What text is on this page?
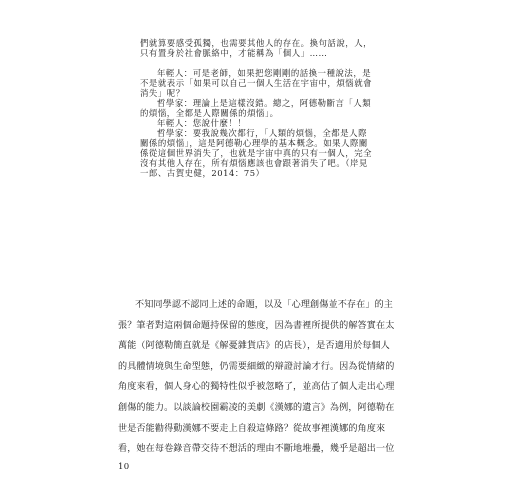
們就算要感受孤獨，也需要其他人的存在。換句話說，人，

只有置身於社會脈絡中，才能稱為「個人」……

年輕人：可是老師，如果把您剛剛的話換一種說法，是

不是就表示「如果可以自己一個人生活在宇宙中，煩惱就會

消失」呢？

哲學家：理論上是這樣沒錯。總之，阿德勒斷言「人類

的煩惱，全都是人際關係的煩惱」。

年輕人：您說什麼！！

哲學家：要我說幾次都行，「人類的煩惱，全都是人際

關係的煩惱」，這是阿德勒心理學的基本概念。如果人際關

係從這個世界消失了，也就是宇宙中真的只有一個人，完全

沒有其他人存在，所有煩惱應該也會跟著消失了吧。（岸見

一郎、古賀史健，2014：75）

不知同學認不認同上述的命題，以及「心理創傷並不存在」的主

張？筆者對這兩個命題持保留的態度，因為書裡所提供的解答實在太

萬能（阿德勒簡直就是《解憂雜貨店》的店長），是否適用於每個人

的具體情境與生命型態，仍需要細緻的辯證討論才行。因為從情緒的

角度來看，個人身心的獨特性似乎被忽略了，並高估了個人走出心理

創傷的能力。以談論校園霸凌的美劇《漢娜的遺言》為例，阿德勒在

世是否能勸得動漢娜不要走上自殺這條路？從故事裡漢娜的角度來

看，她在每卷錄音帶交待不想活的理由不斷地堆疊，幾乎是超出一位

10
